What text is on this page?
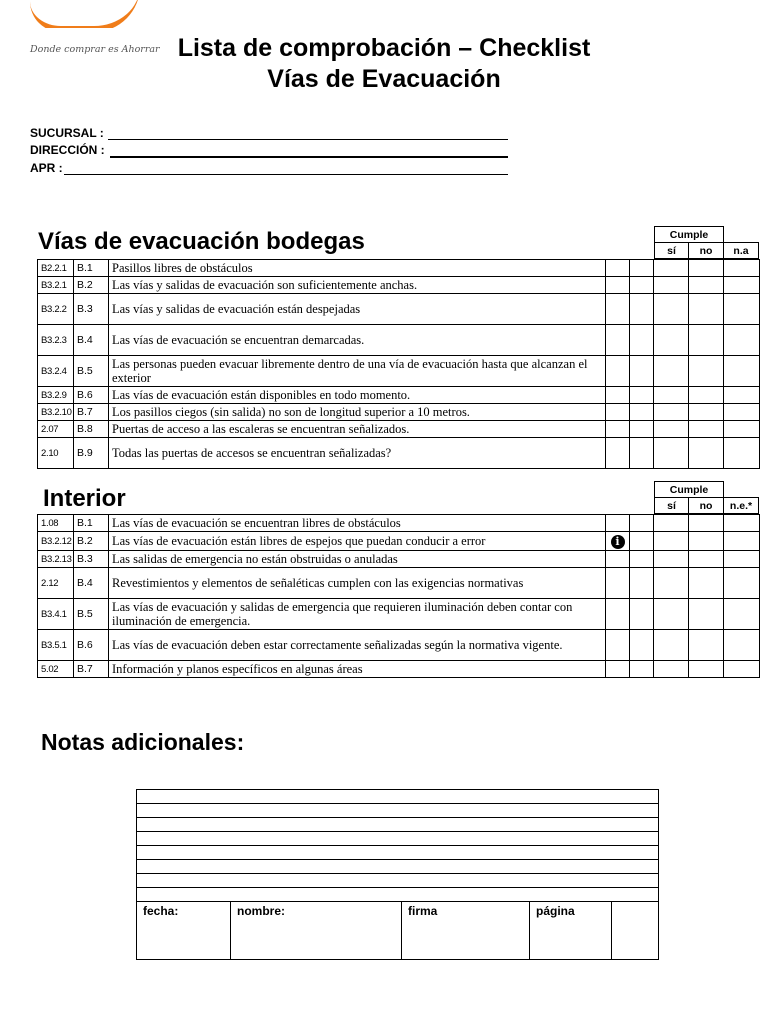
Donde comprar es Ahorrar Lista de comprobación – Checklist
Vías de Evacuación
SUCURSAL :
DIRECCIÓN :
APR :
Vías de evacuación bodegas	Cumple		
sí	no	n.a
B2.2.1	B.1	Pasillos libres de obstáculos					
B3.2.1	B.2	Las vías y salidas de evacuación son suficientemente anchas.					
B3.2.2	B.3	Las vías y salidas de evacuación están despejadas					
B3.2.3	B.4	Las vías de evacuación se encuentran demarcadas.					
B3.2.4	B.5	Las personas pueden evacuar libremente dentro de una vía de evacuación hasta que alcanzan el exterior					
B3.2.9	B.6	Las vías de evacuación están disponibles en todo momento.					
B3.2.10	B.7	Los pasillos ciegos (sin salida) no son de longitud superior a 10 metros.					
2.07	B.8	Puertas de acceso a las escaleras se encuentran señalizados.					
2.10	B.9	Todas las puertas de accesos se encuentran señalizadas?					
Interior	Cumple		
sí	no	n.e.*
1.08	B.1	Las vías de evacuación se encuentran libres de obstáculos					
B3.2.12	B.2	Las vías de evacuación están libres de espejos que puedan conducir a error	i				
B3.2.13	B.3	Las salidas de emergencia no están obstruidas o anuladas					
2.12	B.4	Revestimientos y elementos de señaléticas cumplen con las exigencias normativas					
B3.4.1	B.5	Las vías de evacuación y salidas de emergencia que requieren iluminación deben contar con iluminación de emergencia.					
B3.5.1	B.6	Las vías de evacuación deben estar correctamente señalizadas según la normativa vigente.					
5.02	B.7	Información y planos específicos en algunas áreas					
Notas adicionales:

fecha:	nombre:	firma	página	
